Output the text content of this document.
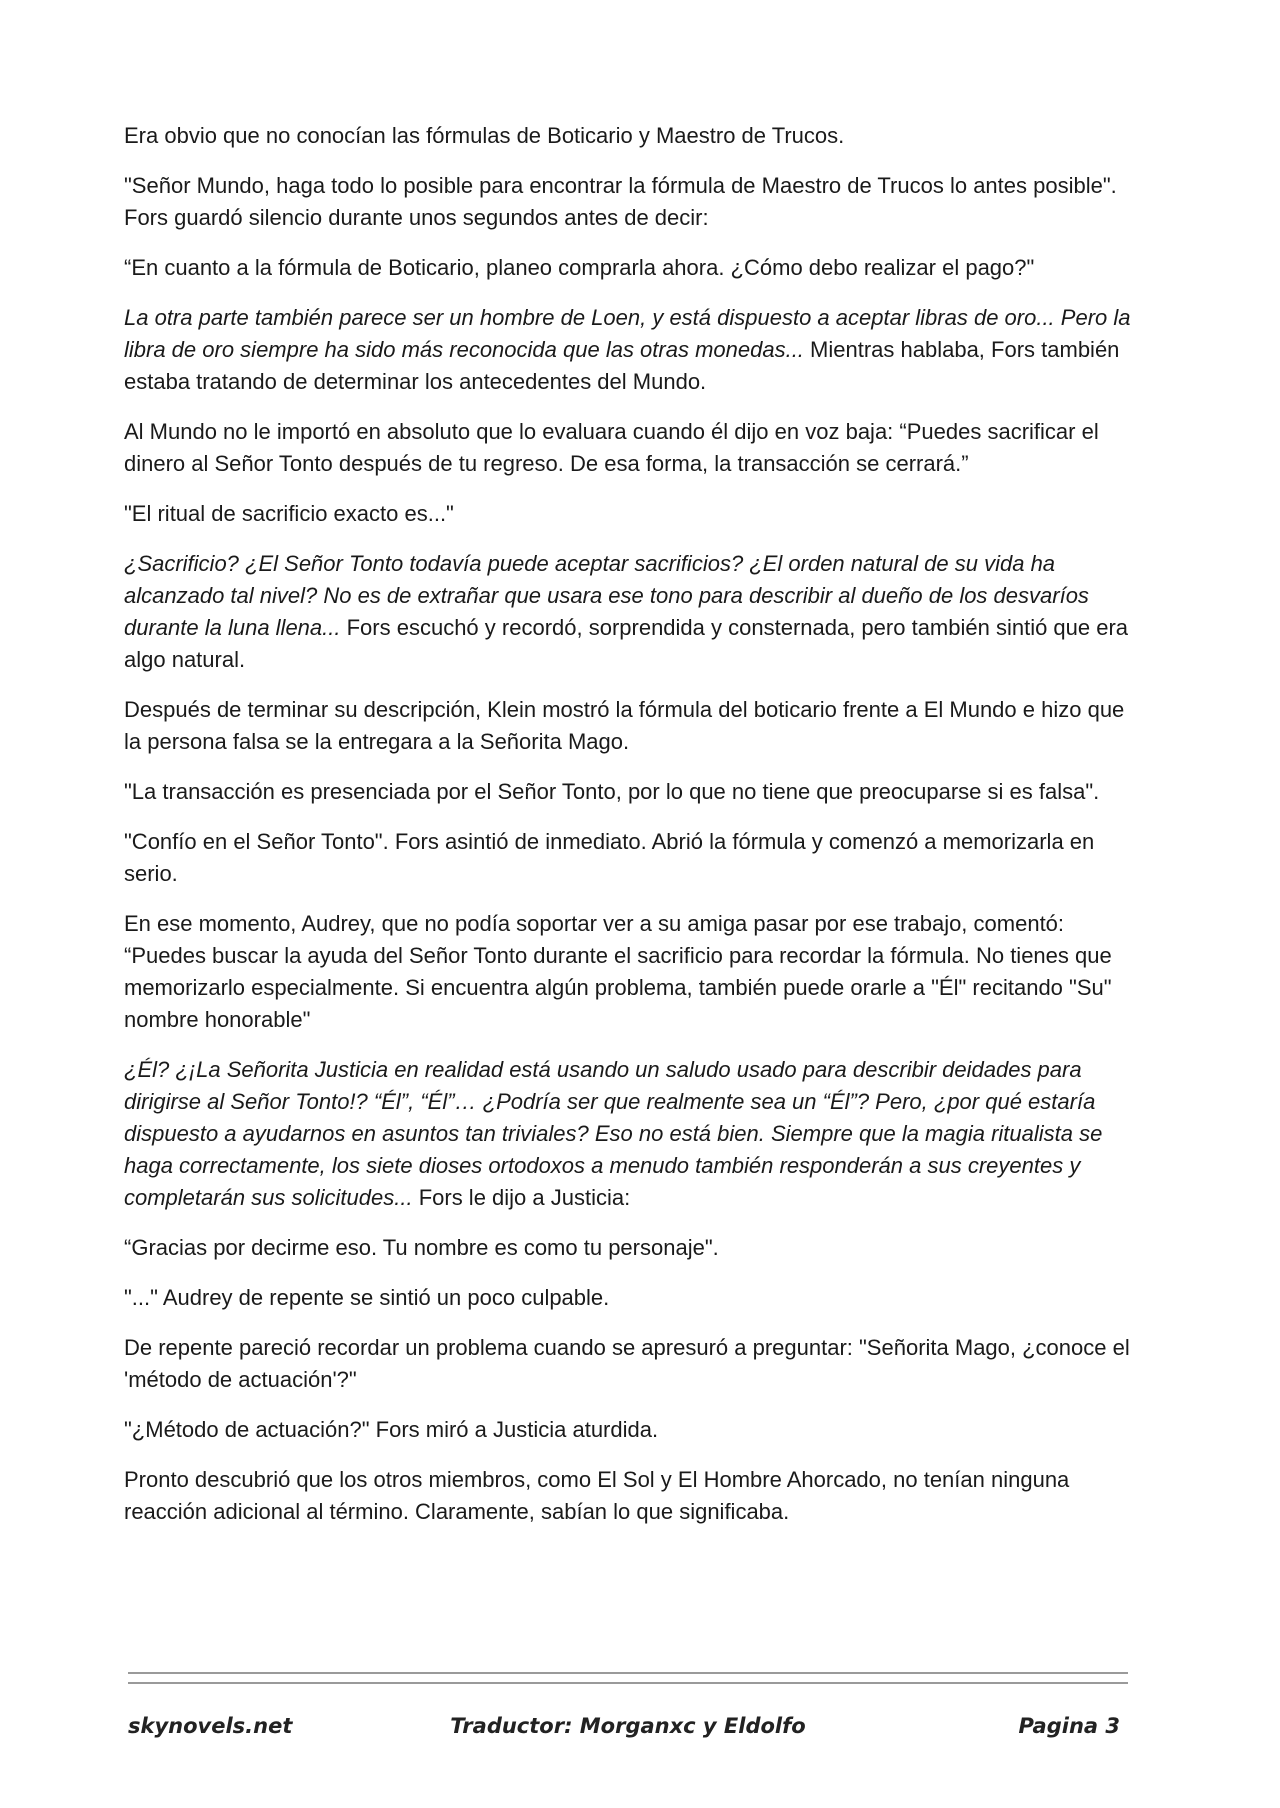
Era obvio que no conocían las fórmulas de Boticario y Maestro de Trucos.

"Señor Mundo, haga todo lo posible para encontrar la fórmula de Maestro de Trucos lo antes posible". Fors guardó silencio durante unos segundos antes de decir:

“En cuanto a la fórmula de Boticario, planeo comprarla ahora. ¿Cómo debo realizar el pago?"

La otra parte también parece ser un hombre de Loen, y está dispuesto a aceptar libras de oro... Pero la libra de oro siempre ha sido más reconocida que las otras monedas... Mientras hablaba, Fors también estaba tratando de determinar los antecedentes del Mundo.

Al Mundo no le importó en absoluto que lo evaluara cuando él dijo en voz baja: “Puedes sacrificar el dinero al Señor Tonto después de tu regreso. De esa forma, la transacción se cerrará.”

"El ritual de sacrificio exacto es..."

¿Sacrificio? ¿El Señor Tonto todavía puede aceptar sacrificios? ¿El orden natural de su vida ha alcanzado tal nivel? No es de extrañar que usara ese tono para describir al dueño de los desvaríos durante la luna llena... Fors escuchó y recordó, sorprendida y consternada, pero también sintió que era algo natural.

Después de terminar su descripción, Klein mostró la fórmula del boticario frente a El Mundo e hizo que la persona falsa se la entregara a la Señorita Mago.

"La transacción es presenciada por el Señor Tonto, por lo que no tiene que preocuparse si es falsa".

"Confío en el Señor Tonto". Fors asintió de inmediato. Abrió la fórmula y comenzó a memorizarla en serio.

En ese momento, Audrey, que no podía soportar ver a su amiga pasar por ese trabajo, comentó: “Puedes buscar la ayuda del Señor Tonto durante el sacrificio para recordar la fórmula. No tienes que memorizarlo especialmente. Si encuentra algún problema, también puede orarle a "Él" recitando "Su" nombre honorable"

¿Él? ¿¡La Señorita Justicia en realidad está usando un saludo usado para describir deidades para dirigirse al Señor Tonto!? “Él”, “Él”… ¿Podría ser que realmente sea un “Él”? Pero, ¿por qué estaría dispuesto a ayudarnos en asuntos tan triviales? Eso no está bien. Siempre que la magia ritualista se haga correctamente, los siete dioses ortodoxos a menudo también responderán a sus creyentes y completarán sus solicitudes... Fors le dijo a Justicia:

“Gracias por decirme eso. Tu nombre es como tu personaje".

"..." Audrey de repente se sintió un poco culpable.

De repente pareció recordar un problema cuando se apresuró a preguntar: "Señorita Mago, ¿conoce el 'método de actuación'?"

"¿Método de actuación?" Fors miró a Justicia aturdida.

Pronto descubrió que los otros miembros, como El Sol y El Hombre Ahorcado, no tenían ninguna reacción adicional al término. Claramente, sabían lo que significaba.

skynovels.net	Traductor: Morganxc y Eldolfo	Pagina 3
